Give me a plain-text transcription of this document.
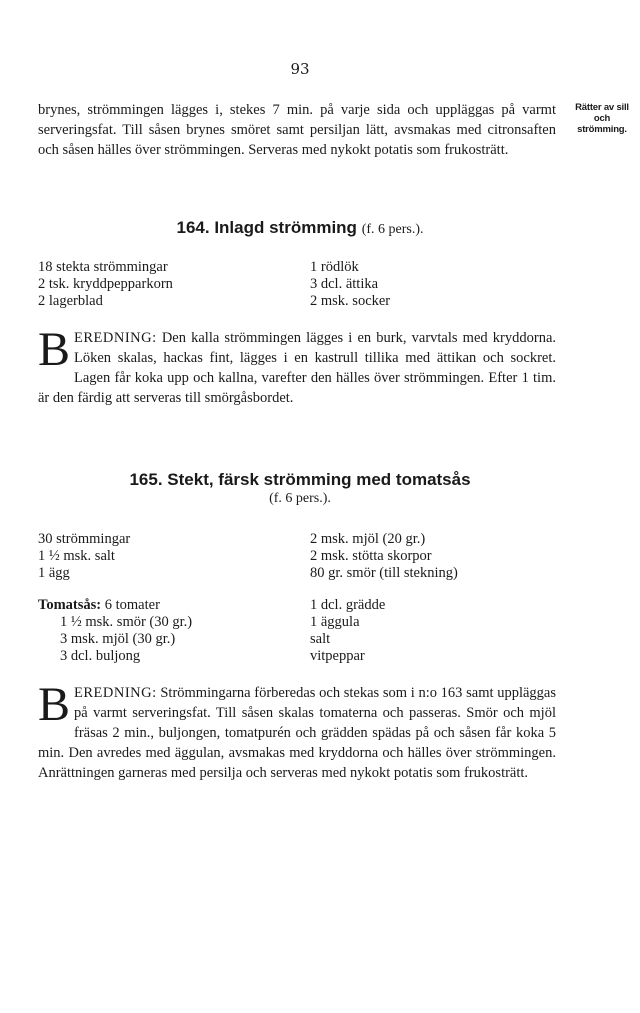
93
Rätter av sill
och
strömming.
brynes, strömmingen lägges i, stekes 7 min. på varje sida och uppläggas på varmt serveringsfat. Till såsen brynes smöret samt persiljan lätt, avsmakas med citronsaften och såsen hälles över strömmingen. Serveras med nykokt potatis som frukosträtt.
164. Inlagd strömming (f. 6 pers.).
18 stekta strömmingar
2 tsk. kryddpepparkorn
2 lagerblad
1 rödlök
3 dcl. ättika
2 msk. socker
B EREDNING: Den kalla strömmingen lägges i en burk, varvtals med kryddorna. Löken skalas, hackas fint, lägges i en kastrull tillika med ättikan och sockret. Lagen får koka upp och kallna, varefter den hälles över strömmingen. Efter 1 tim. är den färdig att serveras till smörgåsbordet.
165. Stekt, färsk strömming med tomatsås
(f. 6 pers.).
30 strömmingar
1 ½ msk. salt
1 ägg
2 msk. mjöl (20 gr.)
2 msk. stötta skorpor
80 gr. smör (till stekning)
Tomatsås: 6 tomater
1 ½ msk. smör (30 gr.)
3 msk. mjöl (30 gr.)
3 dcl. buljong
1 dcl. grädde
1 äggula
salt
vitpeppar
B EREDNING: Strömmingarna förberedas och stekas som i n:o 163 samt uppläggas på varmt serveringsfat. Till såsen skalas tomaterna och passeras. Smör och mjöl fräsas 2 min., buljongen, tomatpurén och grädden spädas på och såsen får koka 5 min. Den avredes med äggulan, avsmakas med kryddorna och hälles över strömmingen. Anrättningen garneras med persilja och serveras med nykokt potatis som frukosträtt.
